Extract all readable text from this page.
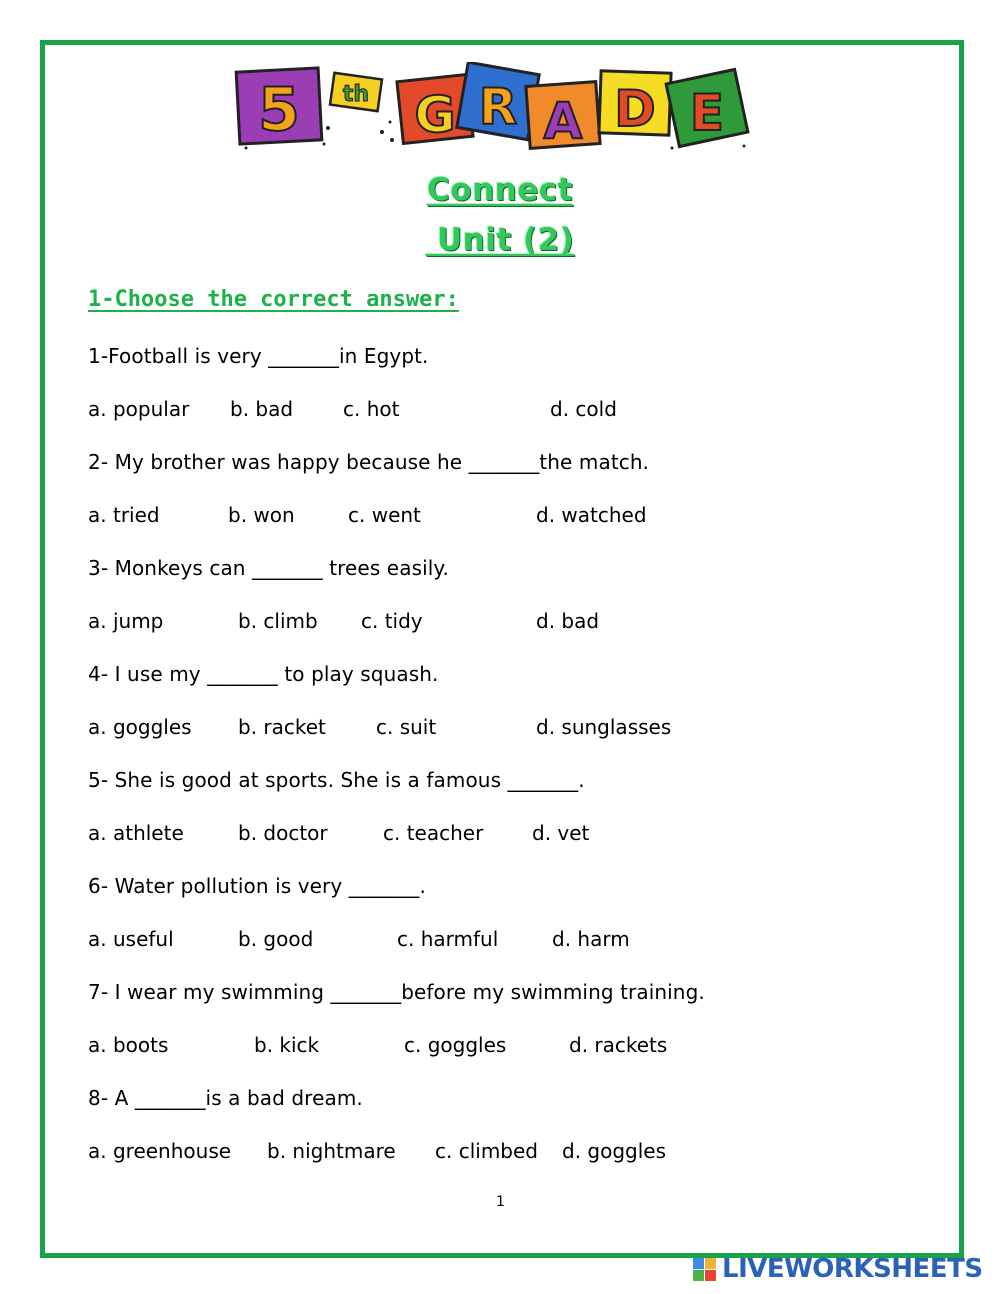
5 th G R A D E
Connect
Unit (2)
1-Choose the correct answer:
1-Football is very _______in Egypt.
a. popular b. bad c. hot	d. cold
2- My brother was happy because he _______the match.
a. tried	b. won	c. went	d. watched
3- Monkeys can _______ trees easily.
a. jump	b. climb c. tidy	d. bad
4- I use my _______ to play squash.
a. goggles b. racket	c. suit	d. sunglasses
5- She is good at sports. She is a famous _______.
a. athlete	b. doctor	c. teacher d. vet
6- Water pollution is very _______.
a. useful	b. good	c. harmful	d. harm
7- I wear my swimming _______before my swimming training.
a. boots	b. kick	c. goggles	d. rackets
8- A _______is a bad dream.
a. greenhouse b. nightmare c. climbed d. goggles
1
LIVEWORKSHEETS
